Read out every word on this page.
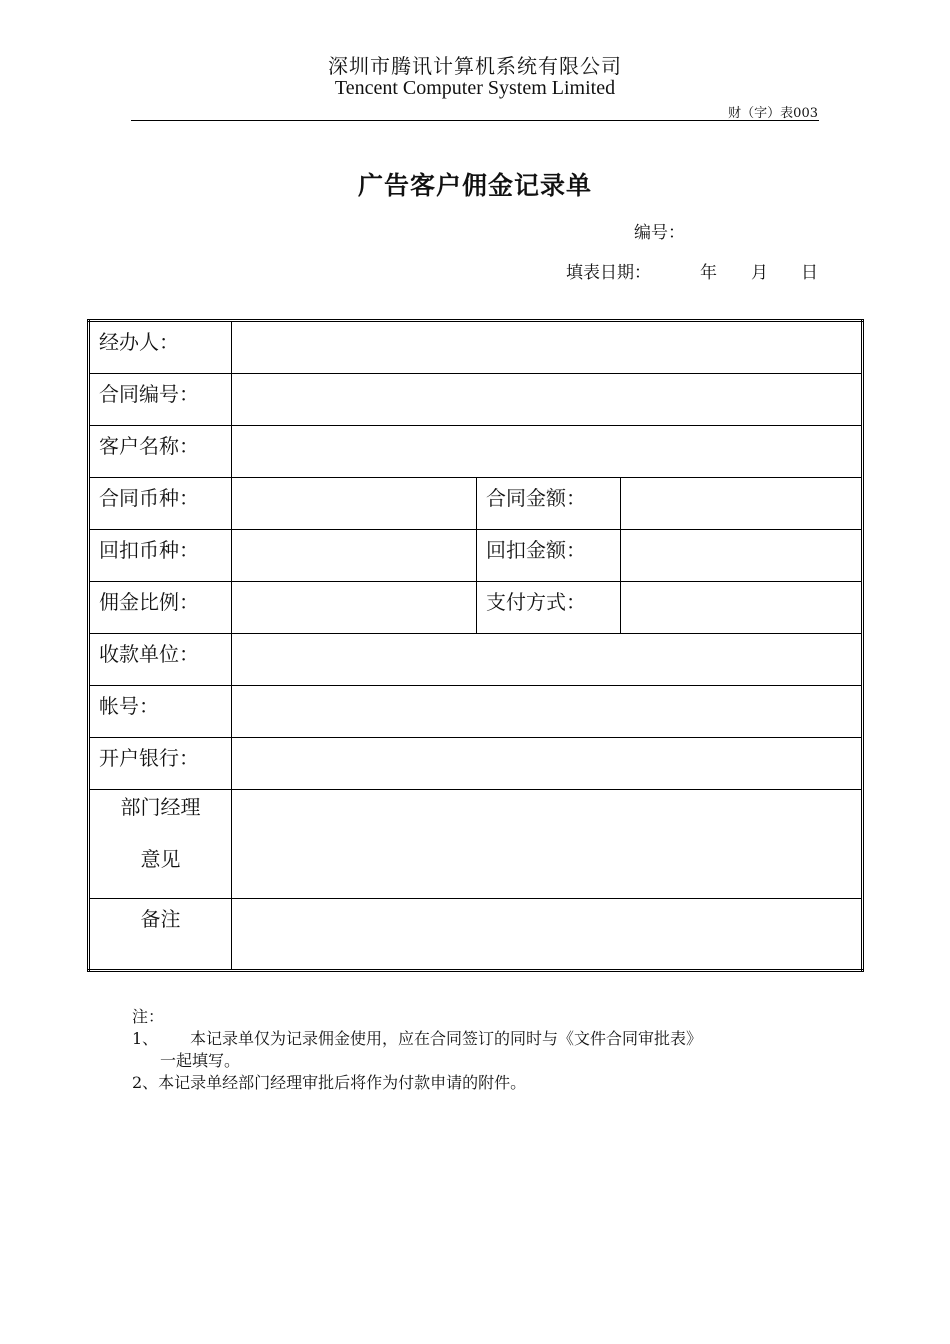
深圳市腾讯计算机系统有限公司
Tencent Computer System Limited
财（字）表003
广告客户佣金记录单
编号：
填表日期：	年 月 日
经办人：			
合同编号：			
客户名称：			
合同币种：		合同金额：	
回扣币种：		回扣金额：	
佣金比例：		支付方式：	
收款单位：			
帐号：			
开户银行：			

部门经理
意见			

备注			
注：
1、	本记录单仅为记录佣金使用，应在合同签订的同时与《文件合同审批表》
一起填写。
2、本记录单经部门经理审批后将作为付款申请的附件。
